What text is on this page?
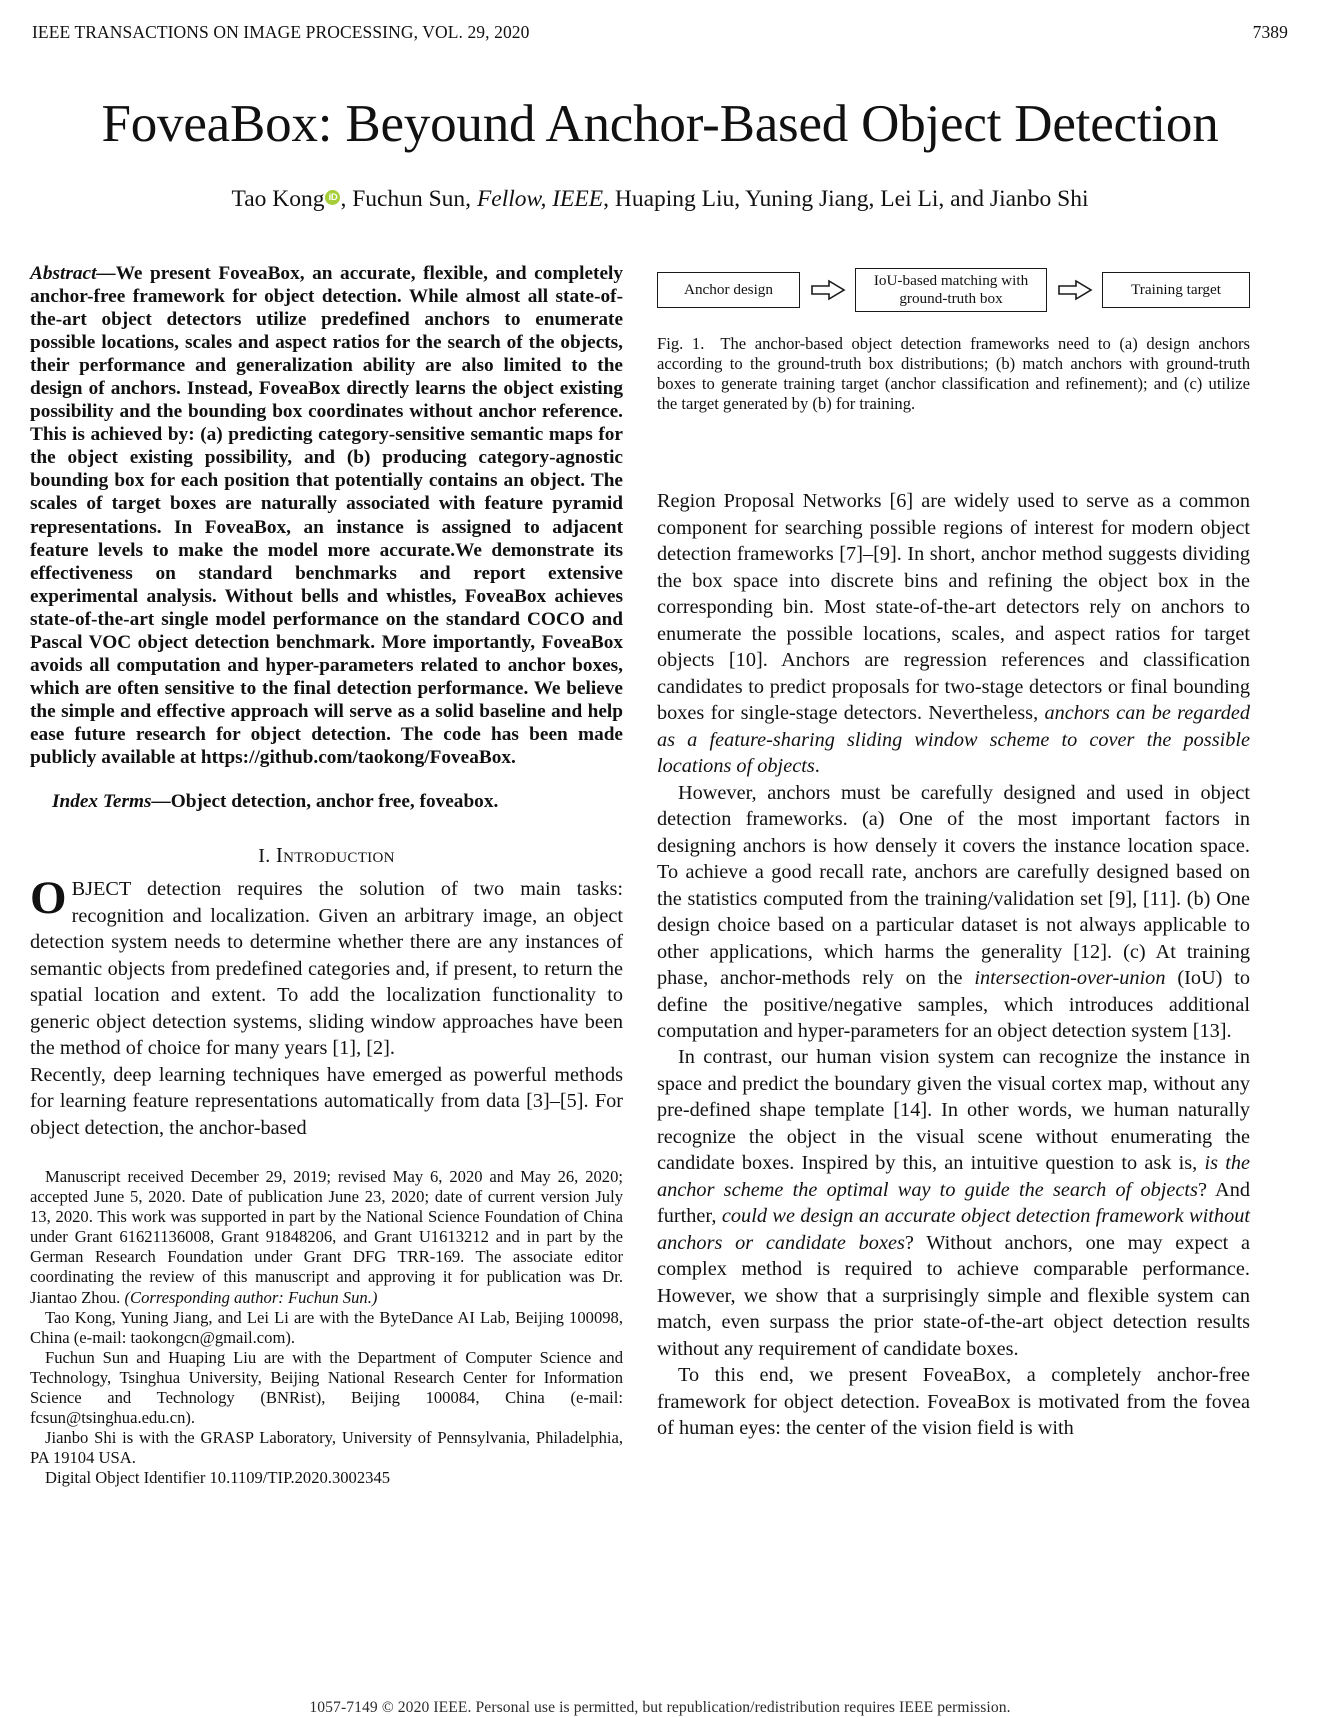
IEEE TRANSACTIONS ON IMAGE PROCESSING, VOL. 29, 2020	7389
FoveaBox: Beyound Anchor-Based Object Detection
Tao Kong iD , Fuchun Sun, Fellow, IEEE, Huaping Liu, Yuning Jiang, Lei Li, and Jianbo Shi

Abstract—We present FoveaBox, an accurate, flexible, and completely anchor-free framework for object detection. While almost all state-of-the-art object detectors utilize predefined anchors to enumerate possible locations, scales and aspect ratios for the search of the objects, their performance and generalization ability are also limited to the design of anchors. Instead, FoveaBox directly learns the object existing possibility and the bounding box coordinates without anchor reference. This is achieved by: (a) predicting category-sensitive semantic maps for the object existing possibility, and (b) producing category-agnostic bounding box for each position that potentially contains an object. The scales of target boxes are naturally associated with feature pyramid representations. In FoveaBox, an instance is assigned to adjacent feature levels to make the model more accurate.We demonstrate its effectiveness on standard benchmarks and report extensive experimental analysis. Without bells and whistles, FoveaBox achieves state-of-the-art single model performance on the standard COCO and Pascal VOC object detection benchmark. More importantly, FoveaBox avoids all computation and hyper-parameters related to anchor boxes, which are often sensitive to the final detection performance. We believe the simple and effective approach will serve as a solid baseline and help ease future research for object detection. The code has been made publicly available at https://github.com/taokong/FoveaBox.

Index Terms—Object detection, anchor free, foveabox.

I. Introduction

OBJECT detection requires the solution of two main tasks: recognition and localization. Given an arbitrary image, an object detection system needs to determine whether there are any instances of semantic objects from predefined categories and, if present, to return the spatial location and extent. To add the localization functionality to generic object detection systems, sliding window approaches have been the method of choice for many years [1], [2].

Recently, deep learning techniques have emerged as powerful methods for learning feature representations automatically from data [3]–[5]. For object detection, the anchor-based

Manuscript received December 29, 2019; revised May 6, 2020 and May 26, 2020; accepted June 5, 2020. Date of publication June 23, 2020; date of current version July 13, 2020. This work was supported in part by the National Science Foundation of China under Grant 61621136008, Grant 91848206, and Grant U1613212 and in part by the German Research Foundation under Grant DFG TRR-169. The associate editor coordinating the review of this manuscript and approving it for publication was Dr. Jiantao Zhou. (Corresponding author: Fuchun Sun.)

Tao Kong, Yuning Jiang, and Lei Li are with the ByteDance AI Lab, Beijing 100098, China (e-mail: taokongcn@gmail.com).

Fuchun Sun and Huaping Liu are with the Department of Computer Science and Technology, Tsinghua University, Beijing National Research Center for Information Science and Technology (BNRist), Beijing 100084, China (e-mail: fcsun@tsinghua.edu.cn).

Jianbo Shi is with the GRASP Laboratory, University of Pennsylvania, Philadelphia, PA 19104 USA.

Digital Object Identifier 10.1109/TIP.2020.3002345

Anchor design
IoU-based matching with ground-truth box
Training target

Fig. 1. The anchor-based object detection frameworks need to (a) design anchors according to the ground-truth box distributions; (b) match anchors with ground-truth boxes to generate training target (anchor classification and refinement); and (c) utilize the target generated by (b) for training.

Region Proposal Networks [6] are widely used to serve as a common component for searching possible regions of interest for modern object detection frameworks [7]–[9]. In short, anchor method suggests dividing the box space into discrete bins and refining the object box in the corresponding bin. Most state-of-the-art detectors rely on anchors to enumerate the possible locations, scales, and aspect ratios for target objects [10]. Anchors are regression references and classification candidates to predict proposals for two-stage detectors or final bounding boxes for single-stage detectors. Nevertheless, anchors can be regarded as a feature-sharing sliding window scheme to cover the possible locations of objects.

However, anchors must be carefully designed and used in object detection frameworks. (a) One of the most important factors in designing anchors is how densely it covers the instance location space. To achieve a good recall rate, anchors are carefully designed based on the statistics computed from the training/validation set [9], [11]. (b) One design choice based on a particular dataset is not always applicable to other applications, which harms the generality [12]. (c) At training phase, anchor-methods rely on the intersection-over-union (IoU) to define the positive/negative samples, which introduces additional computation and hyper-parameters for an object detection system [13].

In contrast, our human vision system can recognize the instance in space and predict the boundary given the visual cortex map, without any pre-defined shape template [14]. In other words, we human naturally recognize the object in the visual scene without enumerating the candidate boxes. Inspired by this, an intuitive question to ask is, is the anchor scheme the optimal way to guide the search of objects? And further, could we design an accurate object detection framework without anchors or candidate boxes? Without anchors, one may expect a complex method is required to achieve comparable performance. However, we show that a surprisingly simple and flexible system can match, even surpass the prior state-of-the-art object detection results without any requirement of candidate boxes.

To this end, we present FoveaBox, a completely anchor-free framework for object detection. FoveaBox is motivated from the fovea of human eyes: the center of the vision field is with

1057-7149 © 2020 IEEE. Personal use is permitted, but republication/redistribution requires IEEE permission.
